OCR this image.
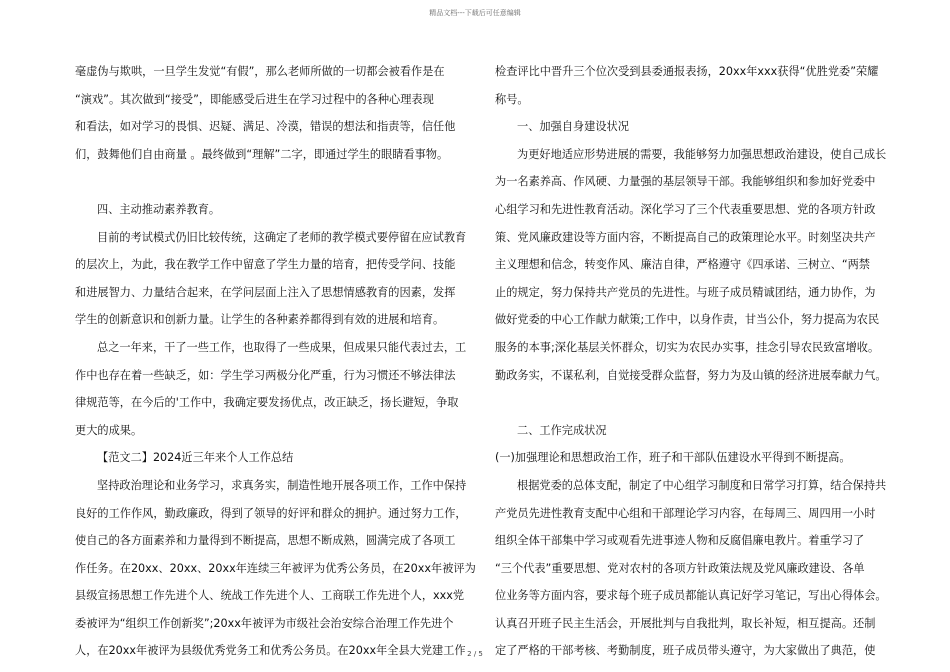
精品文档---下载后可任意编辑

毫虚伪与欺哄，一旦学生发觉“有假”，那么老师所做的一切都会被看作是在

“演戏”。其次做到“接受”，即能感受后进生在学习过程中的各种心理表现

和看法，如对学习的畏惧、迟疑、满足、冷漠，错误的想法和指责等，信任他

们，鼓舞他们自由商量 。最终做到“理解”二字，即通过学生的眼睛看事物。

四、主动推动素养教育。

目前的考试模式仍旧比较传统，这确定了老师的教学模式要停留在应试教育

的层次上，为此，我在教学工作中留意了学生力量的培育，把传受学问、技能

和进展智力、力量结合起来，在学问层面上注入了思想情感教育的因素，发挥

学生的创新意识和创新力量。让学生的各种素养都得到有效的进展和培育。

总之一年来，干了一些工作，也取得了一些成果，但成果只能代表过去，工

作中也存在着一些缺乏，如：学生学习两极分化严重，行为习惯还不够法律法

律规范等，在今后的'工作中，我确定要发扬优点，改正缺乏，扬长避短，争取

更大的成果。

【范文二】2024近三年来个人工作总结

坚持政治理论和业务学习，求真务实，制造性地开展各项工作，工作中保持

良好的工作作风，勤政廉政，得到了领导的好评和群众的拥护。通过努力工作，

使自己的各方面素养和力量得到不断提高，思想不断成熟，圆满完成了各项工

作任务。在20xx、20xx、20xx年连续三年被评为优秀公务员，在20xx年被评为

县级宣扬思想工作先进个人、统战工作先进个人、工商联工作先进个人，xxx党

委被评为“组织工作创新奖”;20xx年被评为市级社会治安综合治理工作先进个

人，在20xx年被评为县级优秀党务工和优秀公务员。在20xx年全县大党建工作

检查评比中晋升三个位次受到县委通报表扬，20xx年xxx获得“优胜党委”荣耀

称号。

一、加强自身建设状况

为更好地适应形势进展的需要，我能够努力加强思想政治建设，使自己成长

为一名素养高、作风硬、力量强的基层领导干部。我能够组织和参加好党委中

心组学习和先进性教育活动。深化学习了三个代表重要思想、党的各项方针政

策、党风廉政建设等方面内容，不断提高自己的政策理论水平。时刻坚决共产

主义理想和信念，转变作风、廉洁自律，严格遵守《四承诺、三树立、“两禁

止的规定，努力保持共产党员的先进性。与班子成员精诚团结，通力协作，为

做好党委的中心工作献力献策;工作中，以身作责，甘当公仆，努力提高为农民

服务的本事;深化基层关怀群众，切实为农民办实事，挂念引导农民致富增收。

勤政务实，不谋私利，自觉接受群众监督，努力为及山镇的经济进展奉献力气。

二、工作完成状况

(一)加强理论和思想政治工作，班子和干部队伍建设水平得到不断提高。

根据党委的总体支配，制定了中心组学习制度和日常学习打算，结合保持共

产党员先进性教育支配中心组和干部理论学习内容，在每周三、周四用一小时

组织全体干部集中学习或观看先进事迹人物和反腐倡廉电教片。着重学习了

“三个代表”重要思想、党对农村的各项方针政策法规及党风廉政建设、各单

位业务等方面内容，要求每个班子成员都能认真记好学习笔记，写出心得体会。

认真召开班子民主生活会，开展批判与自我批判，取长补短，相互提高。还制

定了严格的干部考核、考勤制度，班子成员带头遵守，为大家做出了典范，使

2 / 5
